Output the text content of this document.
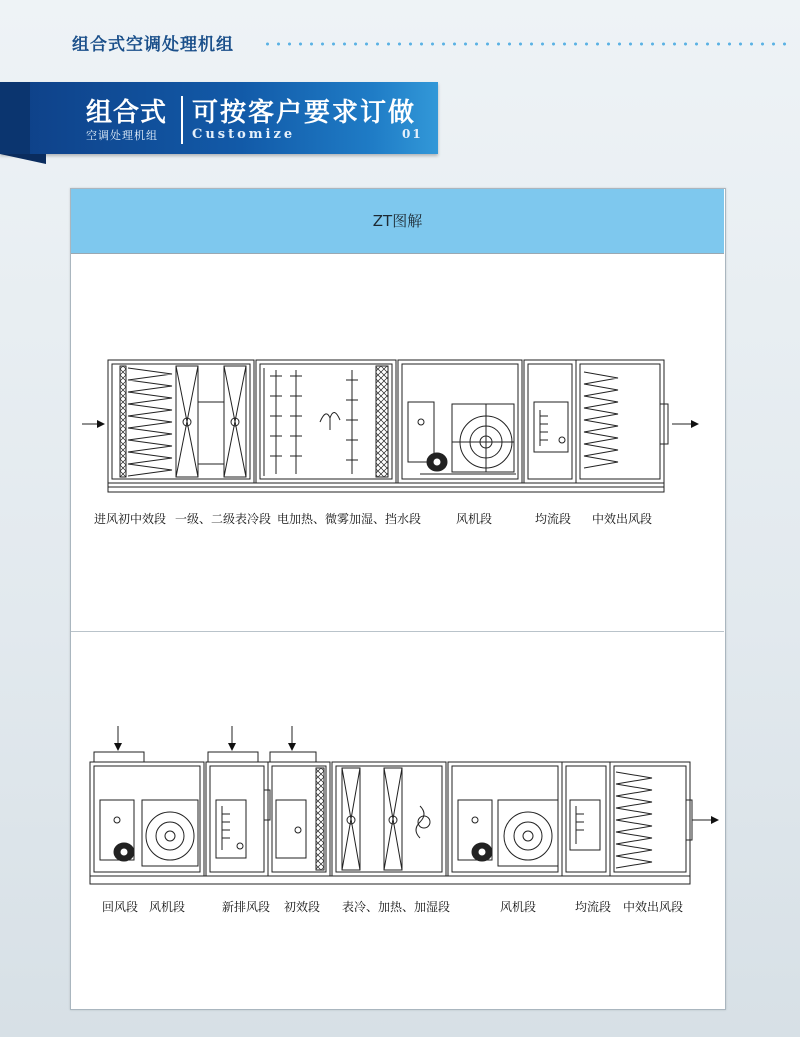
组合式空调处理机组
组合式
空调处理机组
可按客户要求订做
Customize	01
ZT图解
进风初中效段 一级、二级表冷段 电加热、微雾加湿、挡水段	风机段	均流段 中效出风段
回风段 风机段	新排风段 初效段 表冷、加热、加湿段	风机段	均流段 中效出风段
